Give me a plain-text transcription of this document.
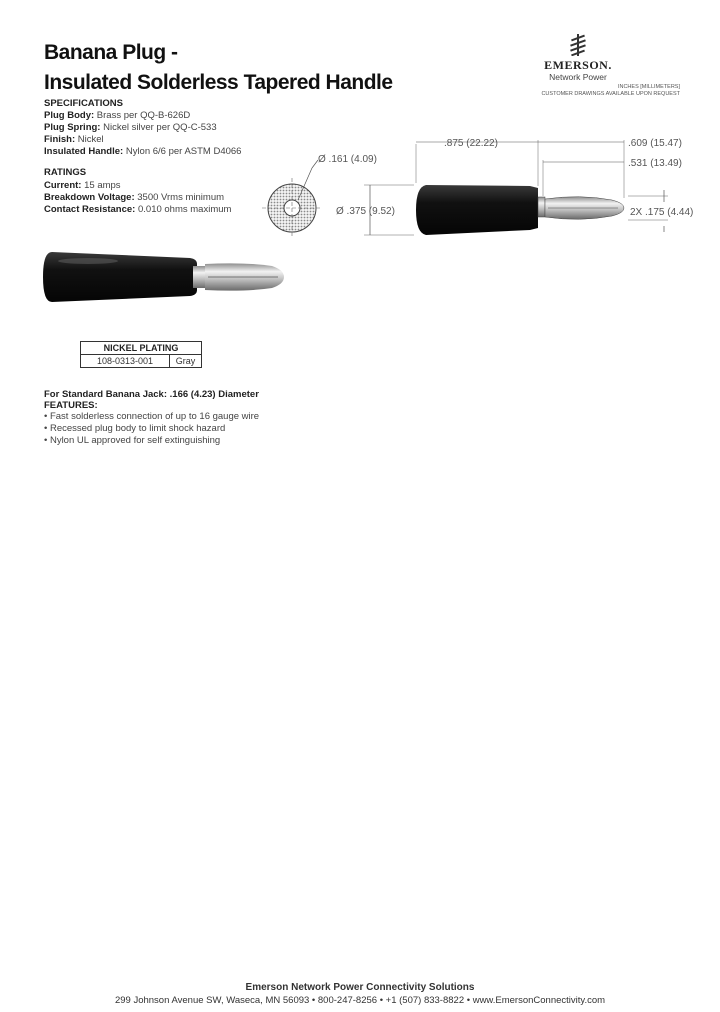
Banana Plug -
Insulated Solderless Tapered Handle
EMERSON.
Network Power
INCHES [MILLIMETERS]
CUSTOMER DRAWINGS AVAILABLE UPON REQUEST
SPECIFICATIONS
Plug Body: Brass per QQ-B-626D
Plug Spring: Nickel silver per QQ-C-533
Finish: Nickel
Insulated Handle: Nylon 6/6 per ASTM D4066
RATINGS
Current: 15 amps
Breakdown Voltage: 3500 Vrms minimum
Contact Resistance: 0.010 ohms maximum
Ø .161 (4.09)
Ø .375 (9.52)
.875 (22.22)	.609 (15.47)
.531 (13.49)
2X .175 (4.44)
NICKEL PLATING
108-0313-001	Gray
For Standard Banana Jack: .166 (4.23) Diameter
FEATURES:
• Fast solderless connection of up to 16 gauge wire
• Recessed plug body to limit shock hazard
• Nylon UL approved for self extinguishing
Emerson Network Power Connectivity Solutions
299 Johnson Avenue SW, Waseca, MN 56093 • 800-247-8256 • +1 (507) 833-8822 • www.EmersonConnectivity.com
